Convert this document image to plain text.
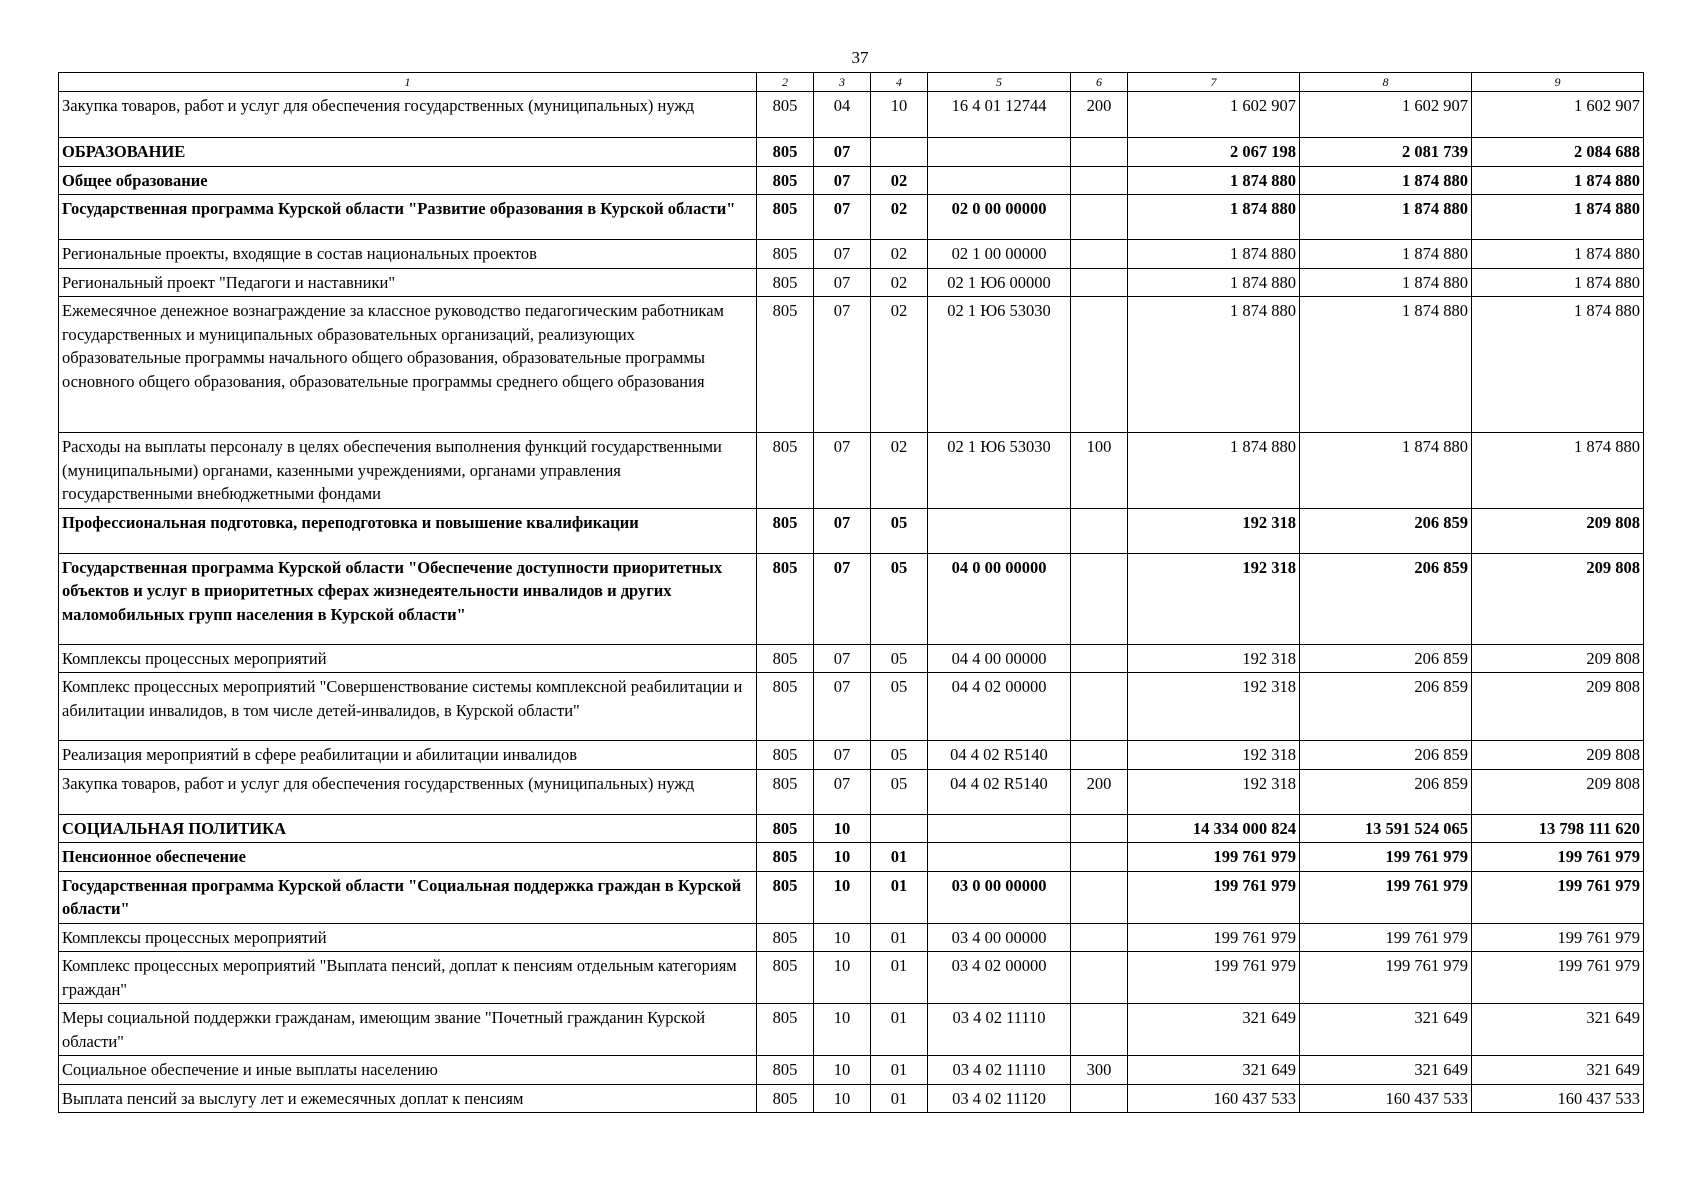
37
1	2	3	4	5	6	7	8	9
Закупка товаров, работ и услуг для обеспечения государственных (муниципальных) нужд	805	04	10	16 4 01 12744	200	1 602 907	1 602 907	1 602 907
ОБРАЗОВАНИЕ	805	07				2 067 198	2 081 739	2 084 688
Общее образование	805	07	02			1 874 880	1 874 880	1 874 880
Государственная программа Курской области "Развитие образования в Курской области"	805	07	02	02 0 00 00000		1 874 880	1 874 880	1 874 880
Региональные проекты, входящие в состав национальных проектов	805	07	02	02 1 00 00000		1 874 880	1 874 880	1 874 880
Региональный проект "Педагоги и наставники"	805	07	02	02 1 Ю6 00000		1 874 880	1 874 880	1 874 880
Ежемесячное денежное вознаграждение за классное руководство педагогическим работникам государственных и муниципальных образовательных организаций, реализующих образовательные программы начального общего образования, образовательные программы основного общего образования, образовательные программы среднего общего образования	805	07	02	02 1 Ю6 53030		1 874 880	1 874 880	1 874 880
Расходы на выплаты персоналу в целях обеспечения выполнения функций государственными (муниципальными) органами, казенными учреждениями, органами управления государственными внебюджетными фондами	805	07	02	02 1 Ю6 53030	100	1 874 880	1 874 880	1 874 880
Профессиональная подготовка, переподготовка и повышение квалификации	805	07	05			192 318	206 859	209 808
Государственная программа Курской области "Обеспечение доступности приоритетных объектов и услуг в приоритетных сферах жизнедеятельности инвалидов и других маломобильных групп населения в Курской области"	805	07	05	04 0 00 00000		192 318	206 859	209 808
Комплексы процессных мероприятий	805	07	05	04 4 00 00000		192 318	206 859	209 808
Комплекс процессных мероприятий "Совершенствование системы комплексной реабилитации и абилитации инвалидов, в том числе детей-инвалидов, в Курской области"	805	07	05	04 4 02 00000		192 318	206 859	209 808
Реализация мероприятий в сфере реабилитации и абилитации инвалидов	805	07	05	04 4 02 R5140		192 318	206 859	209 808
Закупка товаров, работ и услуг для обеспечения государственных (муниципальных) нужд	805	07	05	04 4 02 R5140	200	192 318	206 859	209 808
СОЦИАЛЬНАЯ ПОЛИТИКА	805	10				14 334 000 824	13 591 524 065	13 798 111 620
Пенсионное обеспечение	805	10	01			199 761 979	199 761 979	199 761 979
Государственная программа Курской области "Социальная поддержка граждан в Курской области"	805	10	01	03 0 00 00000		199 761 979	199 761 979	199 761 979
Комплексы процессных мероприятий	805	10	01	03 4 00 00000		199 761 979	199 761 979	199 761 979
Комплекс процессных мероприятий "Выплата пенсий, доплат к пенсиям отдельным категориям граждан"	805	10	01	03 4 02 00000		199 761 979	199 761 979	199 761 979
Меры социальной поддержки гражданам, имеющим звание "Почетный гражданин Курской области"	805	10	01	03 4 02 11110		321 649	321 649	321 649
Социальное обеспечение и иные выплаты населению	805	10	01	03 4 02 11110	300	321 649	321 649	321 649
Выплата пенсий за выслугу лет и ежемесячных доплат к пенсиям	805	10	01	03 4 02 11120		160 437 533	160 437 533	160 437 533
